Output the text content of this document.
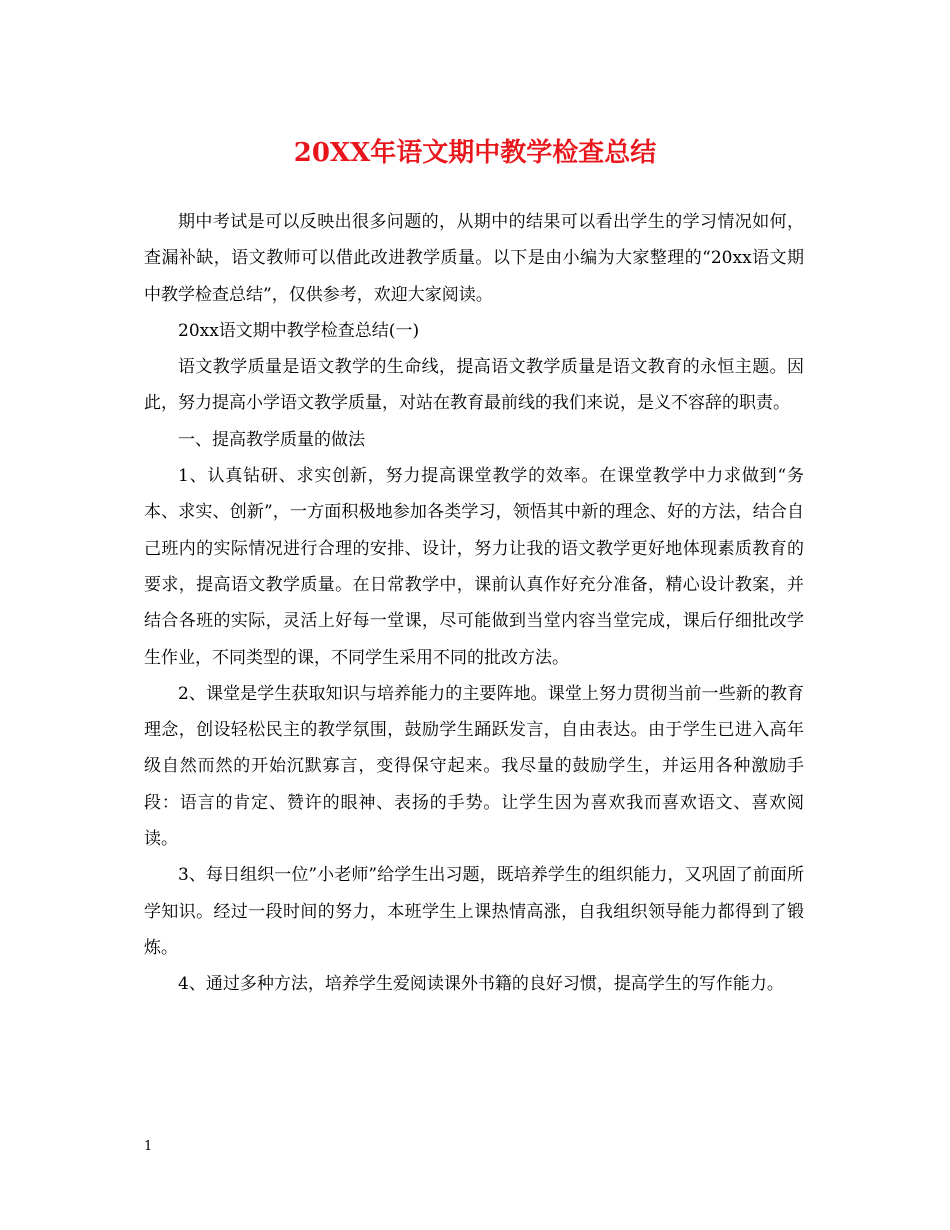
20XX年语文期中教学检查总结

期中考试是可以反映出很多问题的，从期中的结果可以看出学生的学习情况如何，查漏补缺，语文教师可以借此改进教学质量。以下是由小编为大家整理的“20xx语文期中教学检查总结”，仅供参考，欢迎大家阅读。

20xx语文期中教学检查总结(一)

语文教学质量是语文教学的生命线，提高语文教学质量是语文教育的永恒主题。因此，努力提高小学语文教学质量，对站在教育最前线的我们来说，是义不容辞的职责。

一、提高教学质量的做法

1、认真钻研、求实创新，努力提高课堂教学的效率。在课堂教学中力求做到“务本、求实、创新”，一方面积极地参加各类学习，领悟其中新的理念、好的方法，结合自己班内的实际情况进行合理的安排、设计，努力让我的语文教学更好地体现素质教育的要求，提高语文教学质量。在日常教学中，课前认真作好充分准备，精心设计教案，并结合各班的实际，灵活上好每一堂课，尽可能做到当堂内容当堂完成，课后仔细批改学生作业，不同类型的课，不同学生采用不同的批改方法。

2、课堂是学生获取知识与培养能力的主要阵地。课堂上努力贯彻当前一些新的教育理念，创设轻松民主的教学氛围，鼓励学生踊跃发言，自由表达。由于学生已进入高年级自然而然的开始沉默寡言，变得保守起来。我尽量的鼓励学生，并运用各种激励手段：语言的肯定、赞许的眼神、表扬的手势。让学生因为喜欢我而喜欢语文、喜欢阅读。

3、每日组织一位”小老师”给学生出习题，既培养学生的组织能力，又巩固了前面所学知识。经过一段时间的努力，本班学生上课热情高涨，自我组织领导能力都得到了锻炼。

4、通过多种方法，培养学生爱阅读课外书籍的良好习惯，提高学生的写作能力。

1
